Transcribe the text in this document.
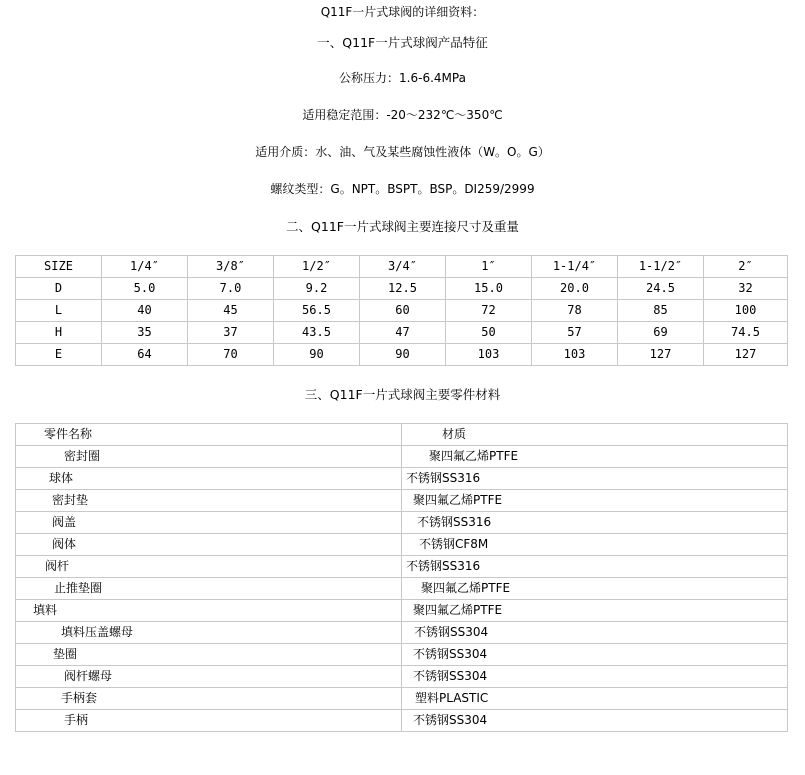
Q11F一片式球阀的详细资料：
一、Q11F一片式球阀产品特征
公称压力：1.6-6.4MPa
适用稳定范围：-20～232℃～350℃
适用介质：水、油、气及某些腐蚀性液体（W。O。G）
螺纹类型：G。NPT。BSPT。BSP。DI259/2999
二、Q11F一片式球阀主要连接尺寸及重量
SIZE	1/4″	3/8″	1/2″	3/4″	1″	1-1/4″	1-1/2″	2″
D	5.0	7.0	9.2	12.5	15.0	20.0	24.5	32
L	40	45	56.5	60	72	78	85	100
H	35	37	43.5	47	50	57	69	74.5
E	64	70	90	90	103	103	127	127
三、Q11F一片式球阀主要零件材料
零件名称	材质
密封圈	聚四氟乙烯PTFE
球体	不锈钢SS316
密封垫	聚四氟乙烯PTFE
阀盖	不锈钢SS316
阀体	不锈钢CF8M
阀杆	不锈钢SS316
止推垫圈	聚四氟乙烯PTFE
填料	聚四氟乙烯PTFE
填料压盖螺母	不锈钢SS304
垫圈	不锈钢SS304
阀杆螺母	不锈钢SS304
手柄套	塑料PLASTIC
手柄	不锈钢SS304
